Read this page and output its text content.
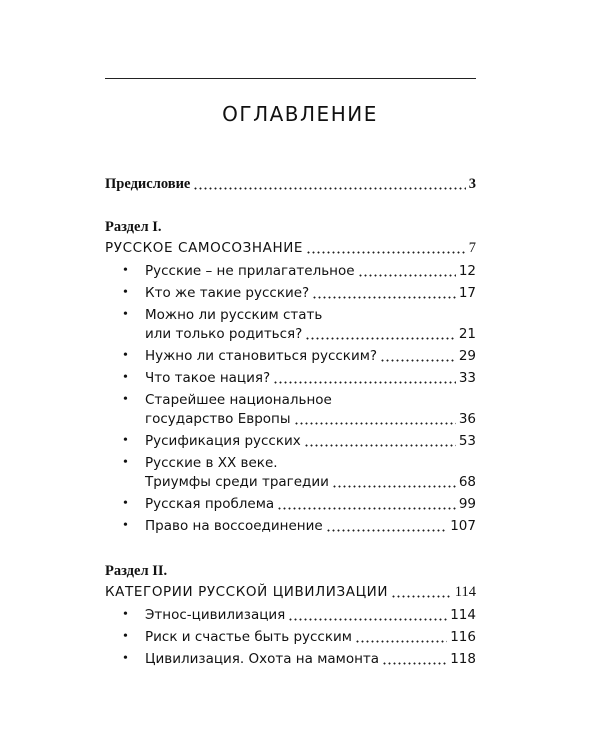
ОГЛАВЛЕНИЕ
Предисловие	3
Раздел I.
РУССКОЕ САМОСОЗНАНИЕ	7
• Русские – не прилагательное	12
• Кто же такие русские?	17
• Можно ли русским стать
или только родиться?	21
• Нужно ли становиться русским?	29
• Что такое нация?	33
• Старейшее национальное
государство Европы	36
• Русификация русских	53
• Русские в XX веке.
Триумфы среди трагедии	68
• Русская проблема	99
• Право на воссоединение	107
Раздел II.
КАТЕГОРИИ РУССКОЙ ЦИВИЛИЗАЦИИ	114
• Этнос-цивилизация	114
• Риск и счастье быть русским	116
• Цивилизация. Охота на мамонта	118
